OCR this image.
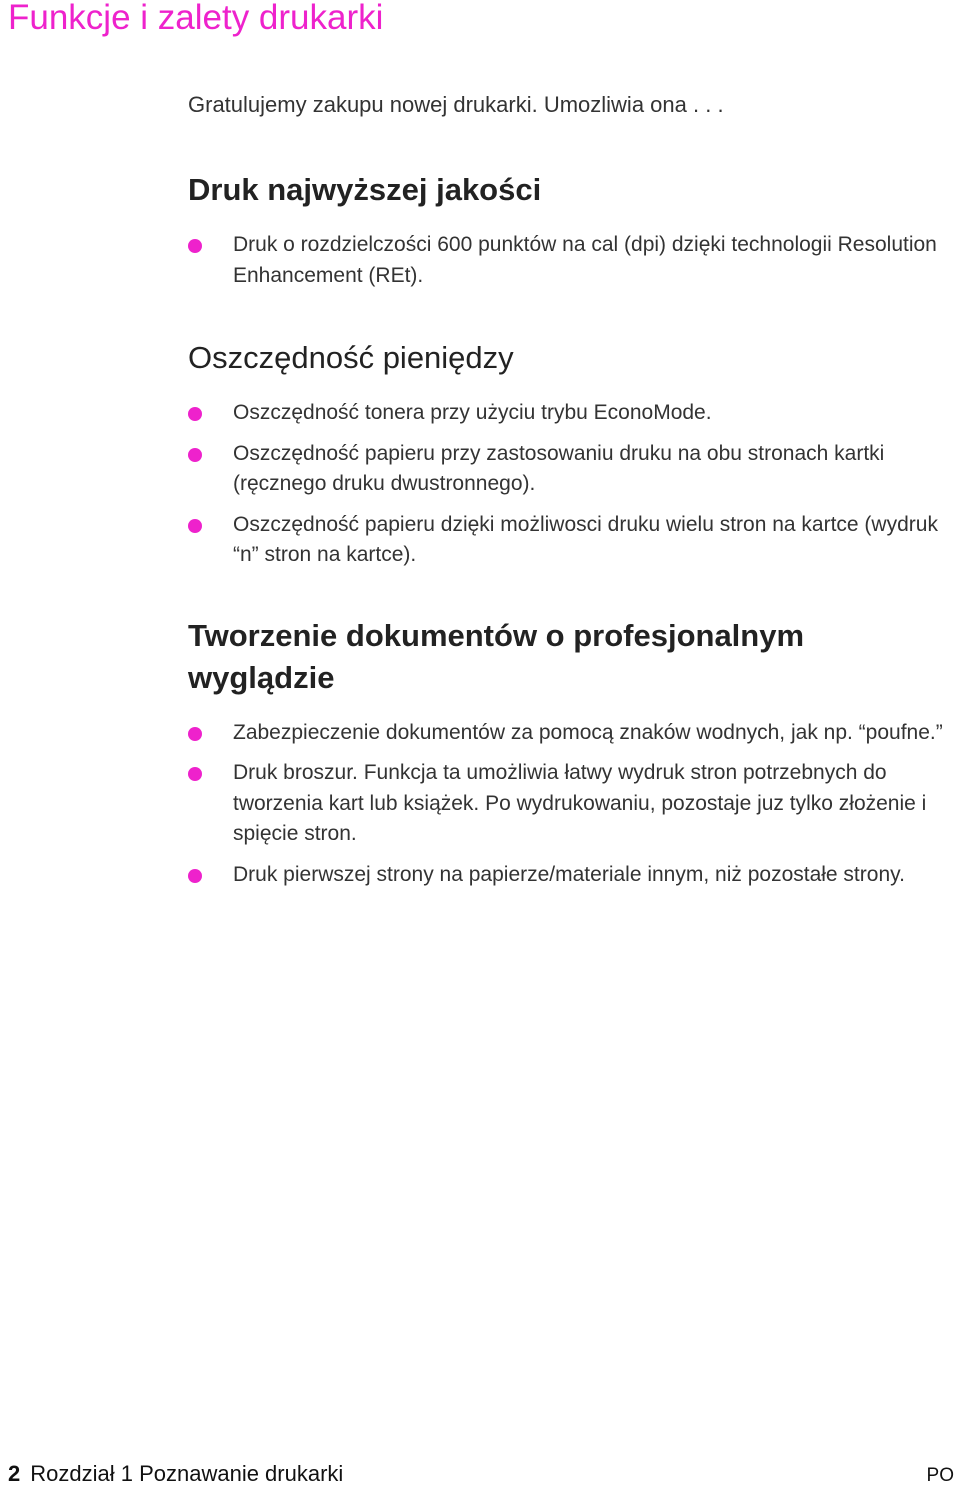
Funkcje i zalety drukarki

Gratulujemy zakupu nowej drukarki. Umozliwia ona . . .

Druk najwyższej jakości
Druk o rozdzielczości 600 punktów na cal (dpi) dzięki technologii Resolution Enhancement (REt).
Oszczędność pieniędzy
Oszczędność tonera przy użyciu trybu EconoMode.
Oszczędność papieru przy zastosowaniu druku na obu stronach kartki (ręcznego druku dwustronnego).
Oszczędność papieru dzięki możliwosci druku wielu stron na kartce (wydruk “n” stron na kartce).
Tworzenie dokumentów o profesjonalnym wyglądzie
Zabezpieczenie dokumentów za pomocą znaków wodnych, jak np. “poufne.”
Druk broszur. Funkcja ta umożliwia łatwy wydruk stron potrzebnych do tworzenia kart lub książek. Po wydrukowaniu, pozostaje juz tylko złożenie i spięcie stron.
Druk pierwszej strony na papierze/materiale innym, niż pozostałe strony.
2 Rozdział 1 Poznawanie drukarki	PO
